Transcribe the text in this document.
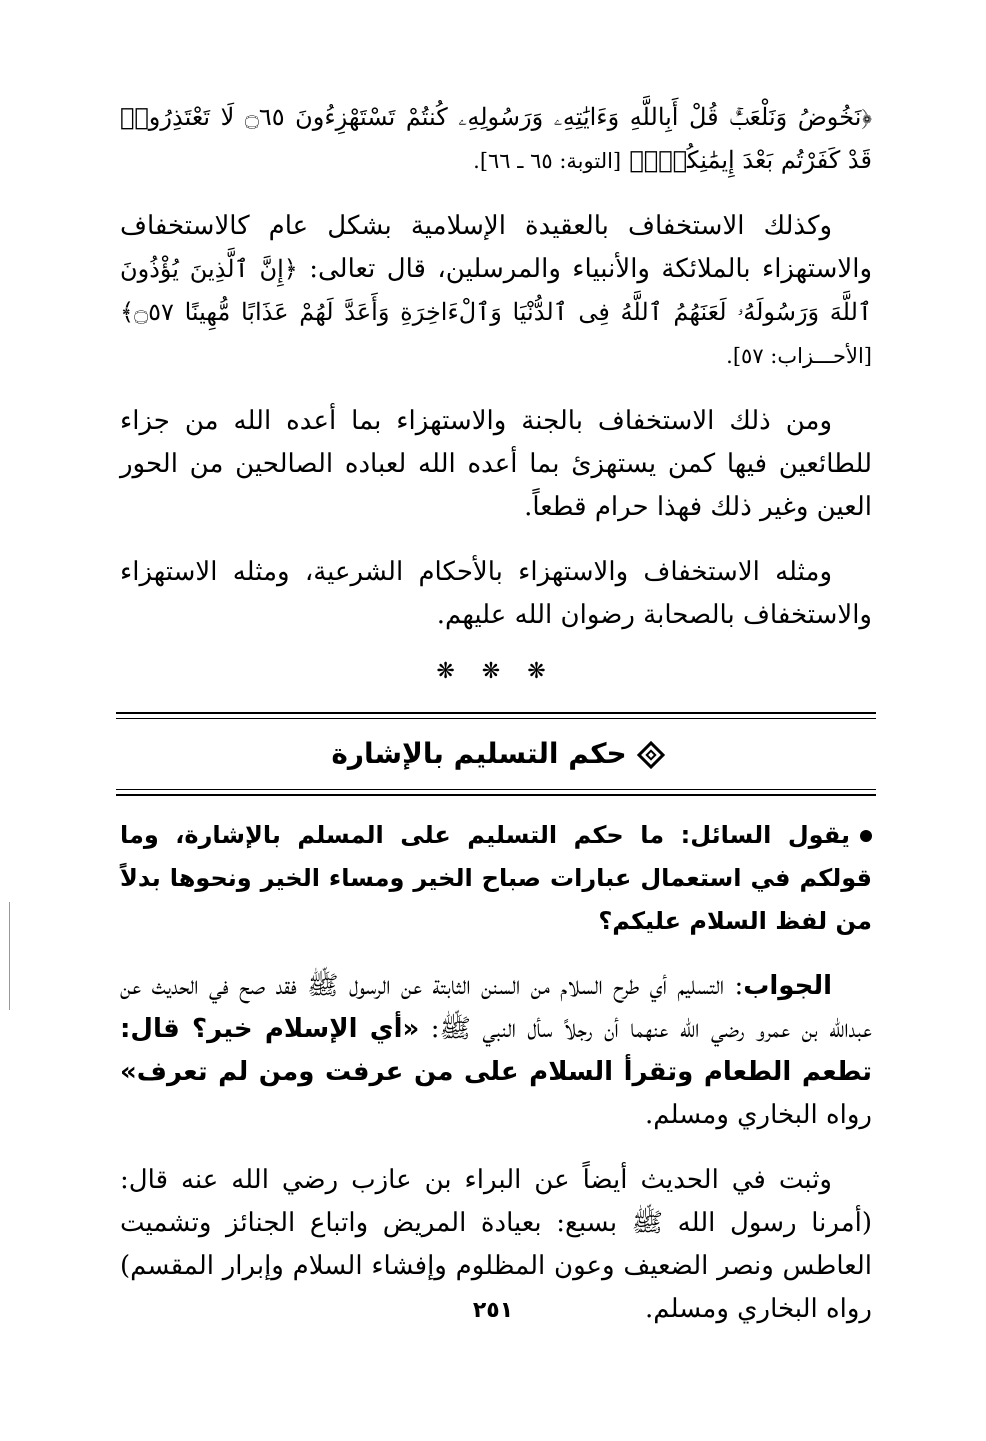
﴿نَخُوضُ وَنَلْعَبُۚ قُلْ أَبِاللَّهِ وَءَايَٰتِهِۦ وَرَسُولِهِۦ كُنتُمْ تَسْتَهْزِءُونَ ۝٦٥ لَا تَعْتَذِرُوا۟ قَدْ كَفَرْتُم بَعْدَ إِيمَٰنِكُمْۚ﴾ [التوبة: ٦٥ ـ ٦٦].

وكذلك الاستخفاف بالعقيدة الإسلامية بشكل عام كالاستخفاف والاستهزاء بالملائكة والأنبياء والمرسلين، قال تعالى: ﴿إِنَّ ٱلَّذِينَ يُؤْذُونَ ٱللَّهَ وَرَسُولَهُۥ لَعَنَهُمُ ٱللَّهُ فِى ٱلدُّنْيَا وَٱلْءَاخِرَةِ وَأَعَدَّ لَهُمْ عَذَابًا مُّهِينًا ۝٥٧﴾ [الأحـــزاب: ٥٧].

ومن ذلك الاستخفاف بالجنة والاستهزاء بما أعده الله من جزاء للطائعين فيها كمن يستهزئ بما أعده الله لعباده الصالحين من الحور العين وغير ذلك فهذا حرام قطعاً.

ومثله الاستخفاف والاستهزاء بالأحكام الشرعية، ومثله الاستهزاء والاستخفاف بالصحابة رضوان الله عليهم.

❋ ❋ ❋
حكم التسليم بالإشارة

يقول السائل: ما حكم التسليم على المسلم بالإشارة، وما قولكم في استعمال عبارات صباح الخير ومساء الخير ونحوها بدلاً من لفظ السلام عليكم؟

الجواب: التسليم أي طرح السلام من السنن الثابتة عن الرسول ﷺ فقد صح في الحديث عن عبدالله بن عمرو رضي الله عنهما أن رجلاً سأل النبي ﷺ: «أي الإسلام خير؟ قال: تطعم الطعام وتقرأ السلام على من عرفت ومن لم تعرف» رواه البخاري ومسلم.

وثبت في الحديث أيضاً عن البراء بن عازب رضي الله عنه قال: (أمرنا رسول الله ﷺ بسبع: بعيادة المريض واتباع الجنائز وتشميت العاطس ونصر الضعيف وعون المظلوم وإفشاء السلام وإبرار المقسم) رواه البخاري ومسلم.

٢٥١
